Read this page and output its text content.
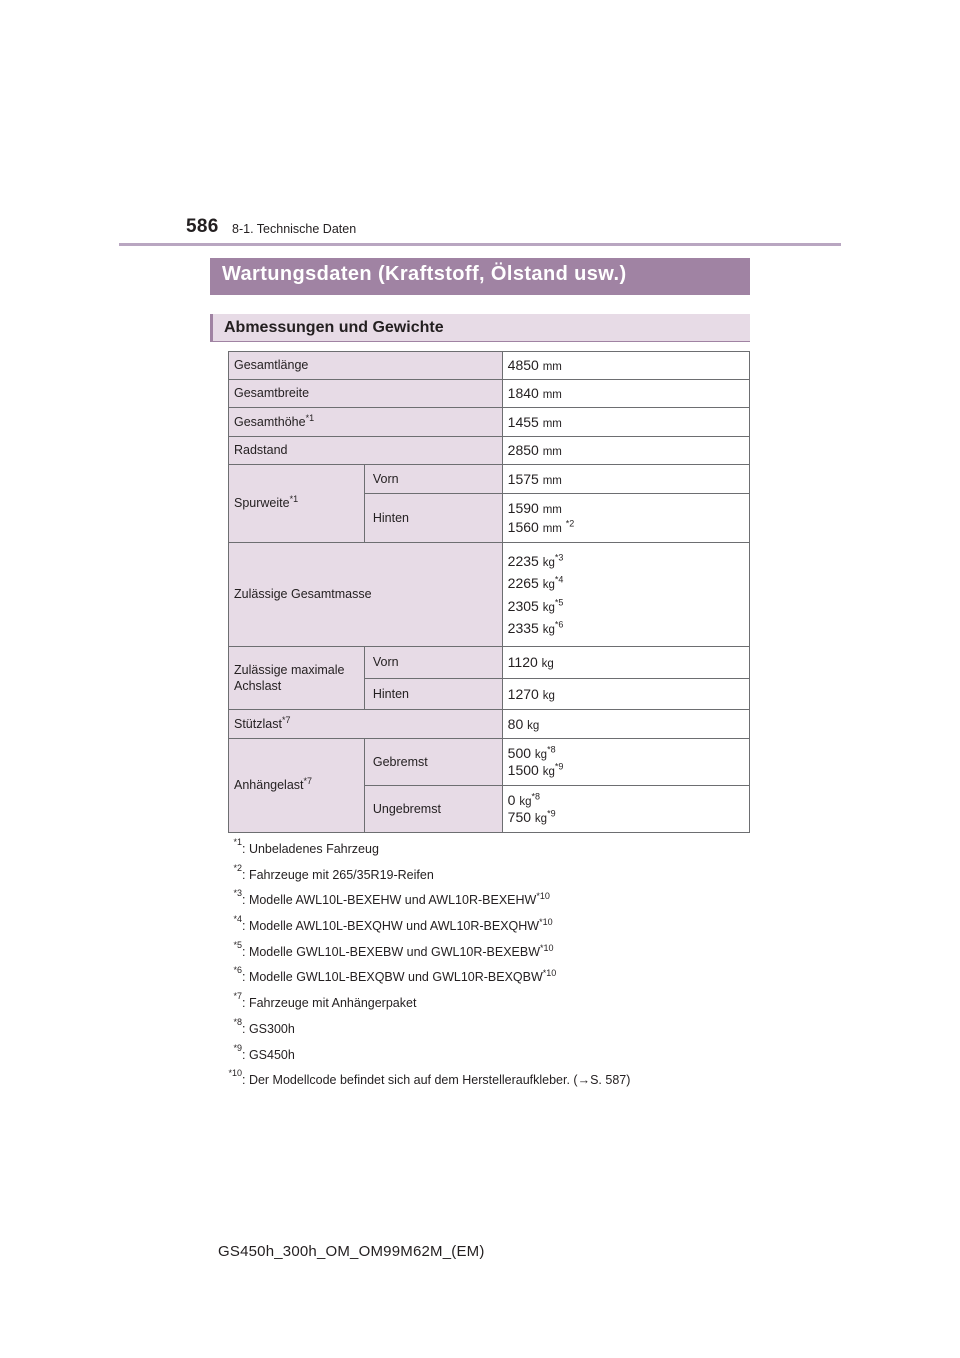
586 8-1. Technische Daten
Wartungsdaten (Kraftstoff, Ölstand usw.)
Abmessungen und Gewichte
Gesamtlänge		4850 mm
Gesamtbreite		1840 mm
Gesamthöhe$^{*1}$		1455 mm
Radstand		2850 mm
Spurweite$^{*1}$	Vorn	1575 mm
	Hinten	1590 mm
1560 mm $^{*2}$

Zulässige Gesamtmasse		2235 $kg^{*3}$
2265 $kg^{*4}$
2305 $kg^{*5}$
2335 $kg^{*6}$

Zulässige maximale
Achslast	Vorn	1120 kg
	Hinten	1270 kg
Stützlast$^{*7}$		80 kg
Anhängelast$^{*7}$	Gebremst	500 $kg^{*8}$
1500 $kg^{*9}$

	Ungebremst	0 $kg^{*8}$
750 $kg^{*9}$
*1 : Unbeladenes Fahrzeug
*2 : Fahrzeuge mit 265/35R19-Reifen
*3 : Modelle AWL10L-BEXEHW und AWL10R-BEXEHW$^{*10}$
*4 : Modelle AWL10L-BEXQHW und AWL10R-BEXQHW$^{*10}$
*5 : Modelle GWL10L-BEXEBW und GWL10R-BEXEBW$^{*10}$
*6 : Modelle GWL10L-BEXQBW und GWL10R-BEXQBW$^{*10}$
*7 : Fahrzeuge mit Anhängerpaket
*8 : GS300h
*9 : GS450h
*10 : Der Modellcode befindet sich auf dem Herstelleraufkleber. (→S. 587)
GS450h_300h_OM_OM99M62M_(EM)
